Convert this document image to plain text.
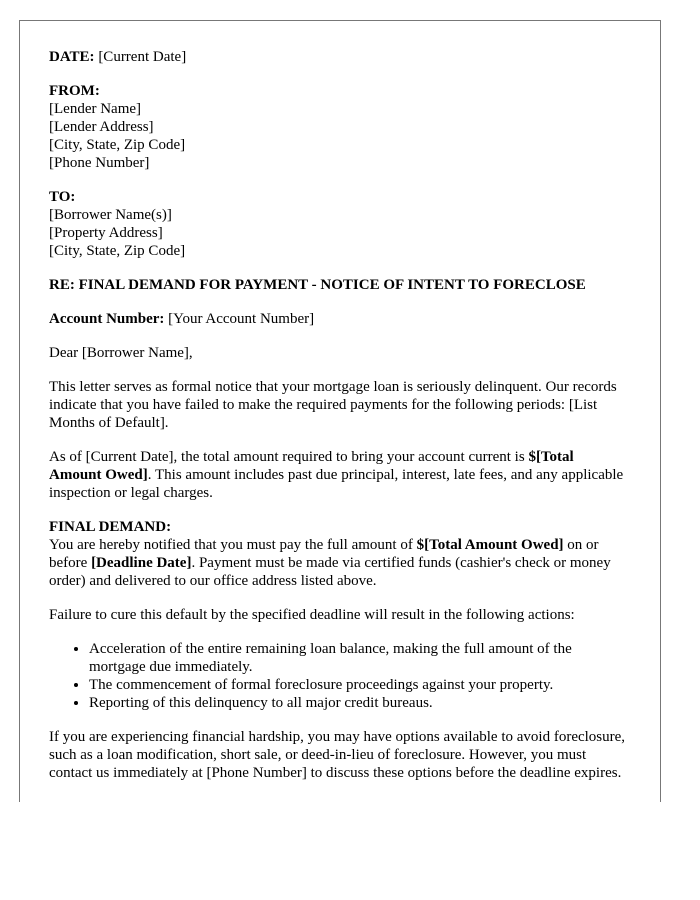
DATE: [Current Date]

FROM:
[Lender Name]
[Lender Address]
[City, State, Zip Code]
[Phone Number]
TO:
[Borrower Name(s)]
[Property Address]
[City, State, Zip Code]

RE: FINAL DEMAND FOR PAYMENT - NOTICE OF INTENT TO FORECLOSE

Account Number: [Your Account Number]

Dear [Borrower Name],

This letter serves as formal notice that your mortgage loan is seriously delinquent. Our records indicate that you have failed to make the required payments for the following periods: [List Months of Default].

As of [Current Date], the total amount required to bring your account current is $[Total Amount Owed]. This amount includes past due principal, interest, late fees, and any applicable inspection or legal charges.

FINAL DEMAND:
You are hereby notified that you must pay the full amount of $[Total Amount Owed] on or before [Deadline Date]. Payment must be made via certified funds (cashier's check or money order) and delivered to our office address listed above.

Failure to cure this default by the specified deadline will result in the following actions:

• Acceleration of the entire remaining loan balance, making the full amount of the mortgage due immediately.
• The commencement of formal foreclosure proceedings against your property.
• Reporting of this delinquency to all major credit bureaus.

If you are experiencing financial hardship, you may have options available to avoid foreclosure, such as a loan modification, short sale, or deed-in-lieu of foreclosure. However, you must contact us immediately at [Phone Number] to discuss these options before the deadline expires.
